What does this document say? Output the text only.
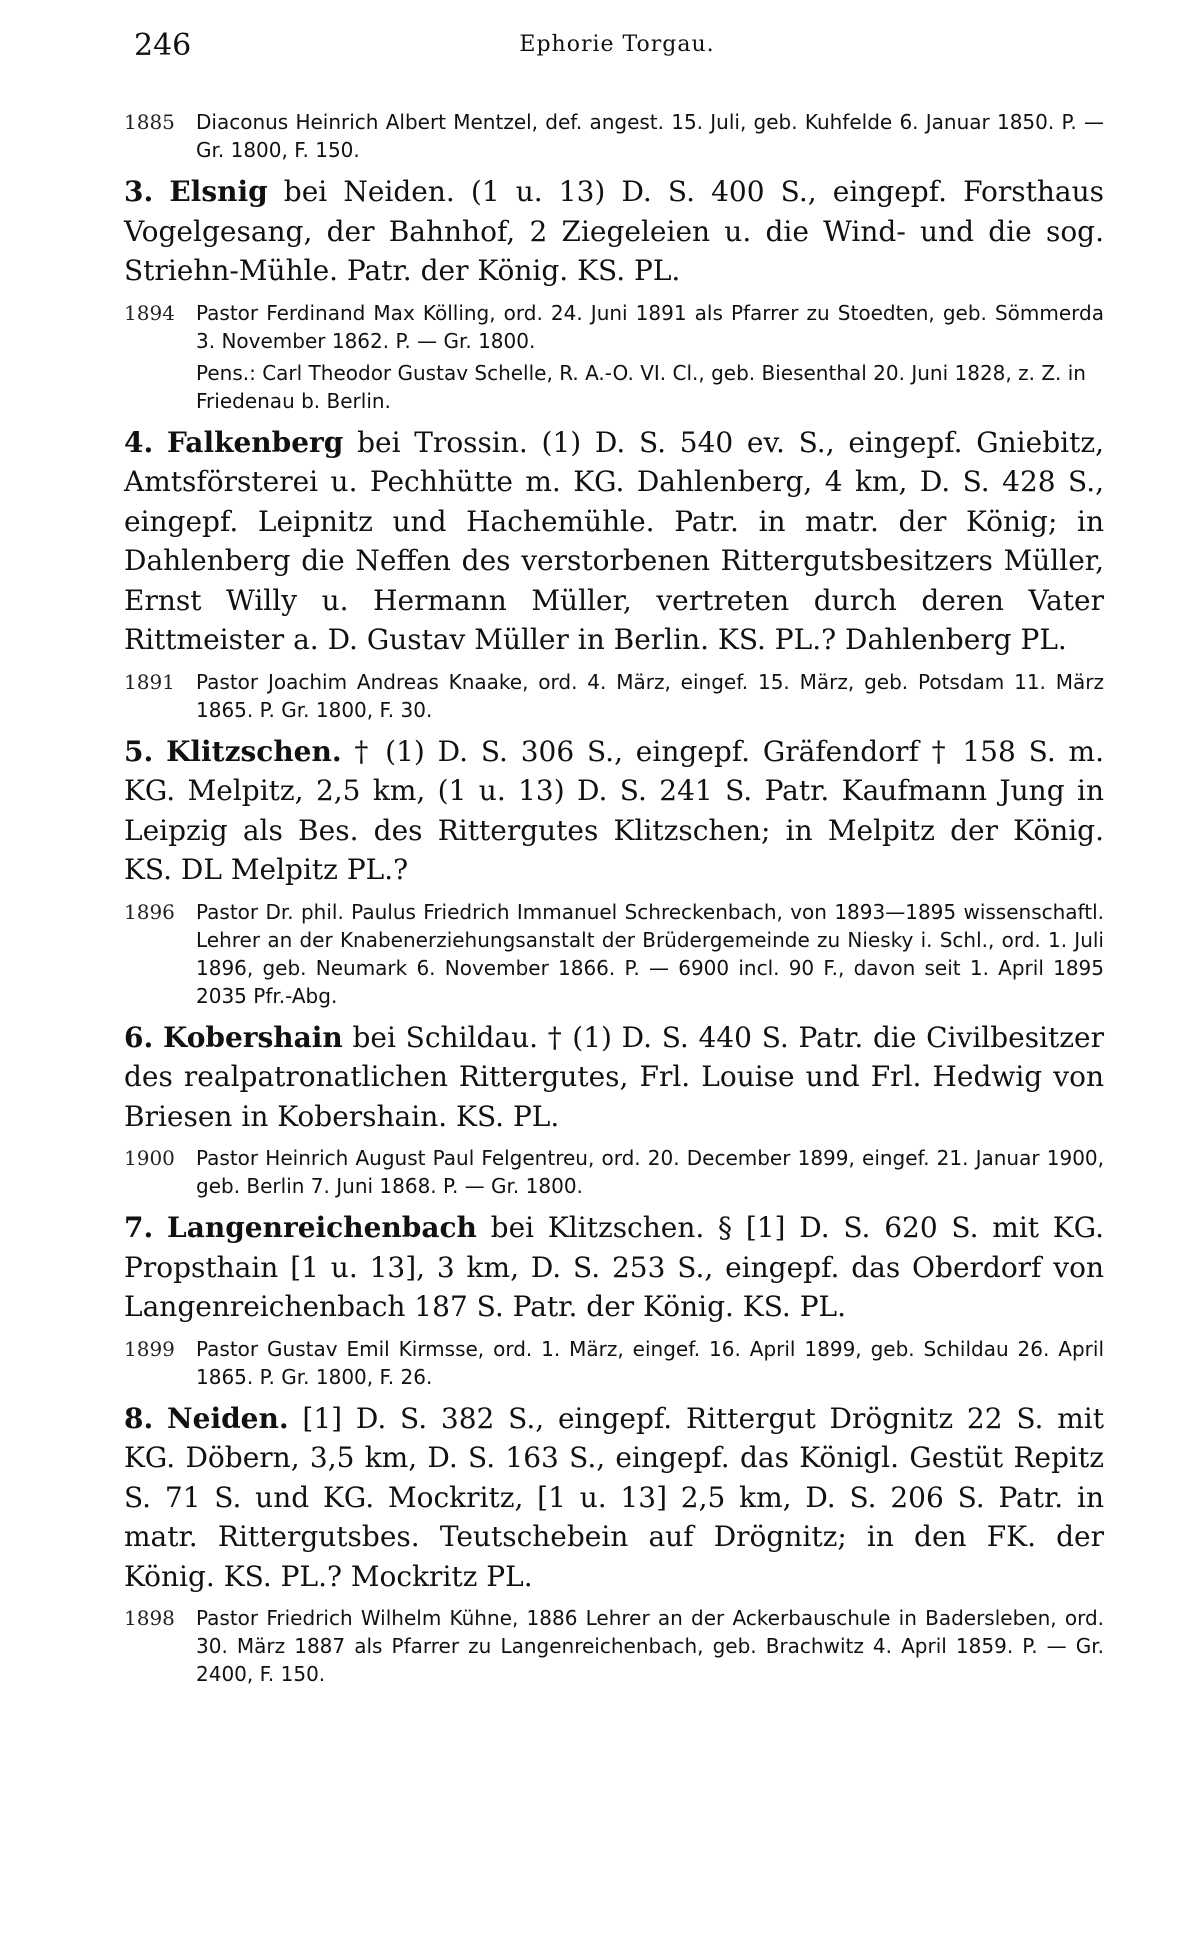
246	Ephorie Torgau.
1885	Diaconus Heinrich Albert Mentzel, def. angest. 15. Juli, geb. Kuhfelde 6. Januar 1850. P. — Gr. 1800, F. 150.

3. Elsnig bei Neiden. (1 u. 13) D. S. 400 S., eingepf. Forsthaus Vogelgesang, der Bahnhof, 2 Ziegeleien u. die Wind- und die sog. Striehn-Mühle. Patr. der König. KS. PL.

1894	Pastor Ferdinand Max Kölling, ord. 24. Juni 1891 als Pfarrer zu Stoedten, geb. Sömmerda 3. November 1862. P. — Gr. 1800.
Pens.: Carl Theodor Gustav Schelle, R. A.-O. VI. Cl., geb. Biesenthal 20. Juni 1828, z. Z. in Friedenau b. Berlin.

4. Falkenberg bei Trossin. (1) D. S. 540 ev. S., eingepf. Gniebitz, Amtsförsterei u. Pechhütte m. KG. Dahlenberg, 4 km, D. S. 428 S., eingepf. Leipnitz und Hachemühle. Patr. in matr. der König; in Dahlenberg die Neffen des verstorbenen Rittergutsbesitzers Müller, Ernst Willy u. Hermann Müller, vertreten durch deren Vater Rittmeister a. D. Gustav Müller in Berlin. KS. PL.? Dahlenberg PL.

1891	Pastor Joachim Andreas Knaake, ord. 4. März, eingef. 15. März, geb. Potsdam 11. März 1865. P. Gr. 1800, F. 30.

5. Klitzschen. † (1) D. S. 306 S., eingepf. Gräfendorf † 158 S. m. KG. Melpitz, 2,5 km, (1 u. 13) D. S. 241 S. Patr. Kaufmann Jung in Leipzig als Bes. des Rittergutes Klitzschen; in Melpitz der König. KS. DL Melpitz PL.?

1896	Pastor Dr. phil. Paulus Friedrich Immanuel Schreckenbach, von 1893—1895 wissenschaftl. Lehrer an der Knabenerziehungsanstalt der Brüdergemeinde zu Niesky i. Schl., ord. 1. Juli 1896, geb. Neumark 6. November 1866. P. — 6900 incl. 90 F., davon seit 1. April 1895 2035 Pfr.-Abg.

6. Kobershain bei Schildau. † (1) D. S. 440 S. Patr. die Civilbesitzer des realpatronatlichen Rittergutes, Frl. Louise und Frl. Hedwig von Briesen in Kobershain. KS. PL.

1900	Pastor Heinrich August Paul Felgentreu, ord. 20. December 1899, eingef. 21. Januar 1900, geb. Berlin 7. Juni 1868. P. — Gr. 1800.

7. Langenreichenbach bei Klitzschen. § [1] D. S. 620 S. mit KG. Propsthain [1 u. 13], 3 km, D. S. 253 S., eingepf. das Oberdorf von Langenreichenbach 187 S. Patr. der König. KS. PL.

1899	Pastor Gustav Emil Kirmsse, ord. 1. März, eingef. 16. April 1899, geb. Schildau 26. April 1865. P. Gr. 1800, F. 26.

8. Neiden. [1] D. S. 382 S., eingepf. Rittergut Drögnitz 22 S. mit KG. Döbern, 3,5 km, D. S. 163 S., eingepf. das Königl. Gestüt Repitz S. 71 S. und KG. Mockritz, [1 u. 13] 2,5 km, D. S. 206 S. Patr. in matr. Rittergutsbes. Teutschebein auf Drögnitz; in den FK. der König. KS. PL.? Mockritz PL.

1898	Pastor Friedrich Wilhelm Kühne, 1886 Lehrer an der Ackerbauschule in Badersleben, ord. 30. März 1887 als Pfarrer zu Langenreichenbach, geb. Brachwitz 4. April 1859. P. — Gr. 2400, F. 150.
